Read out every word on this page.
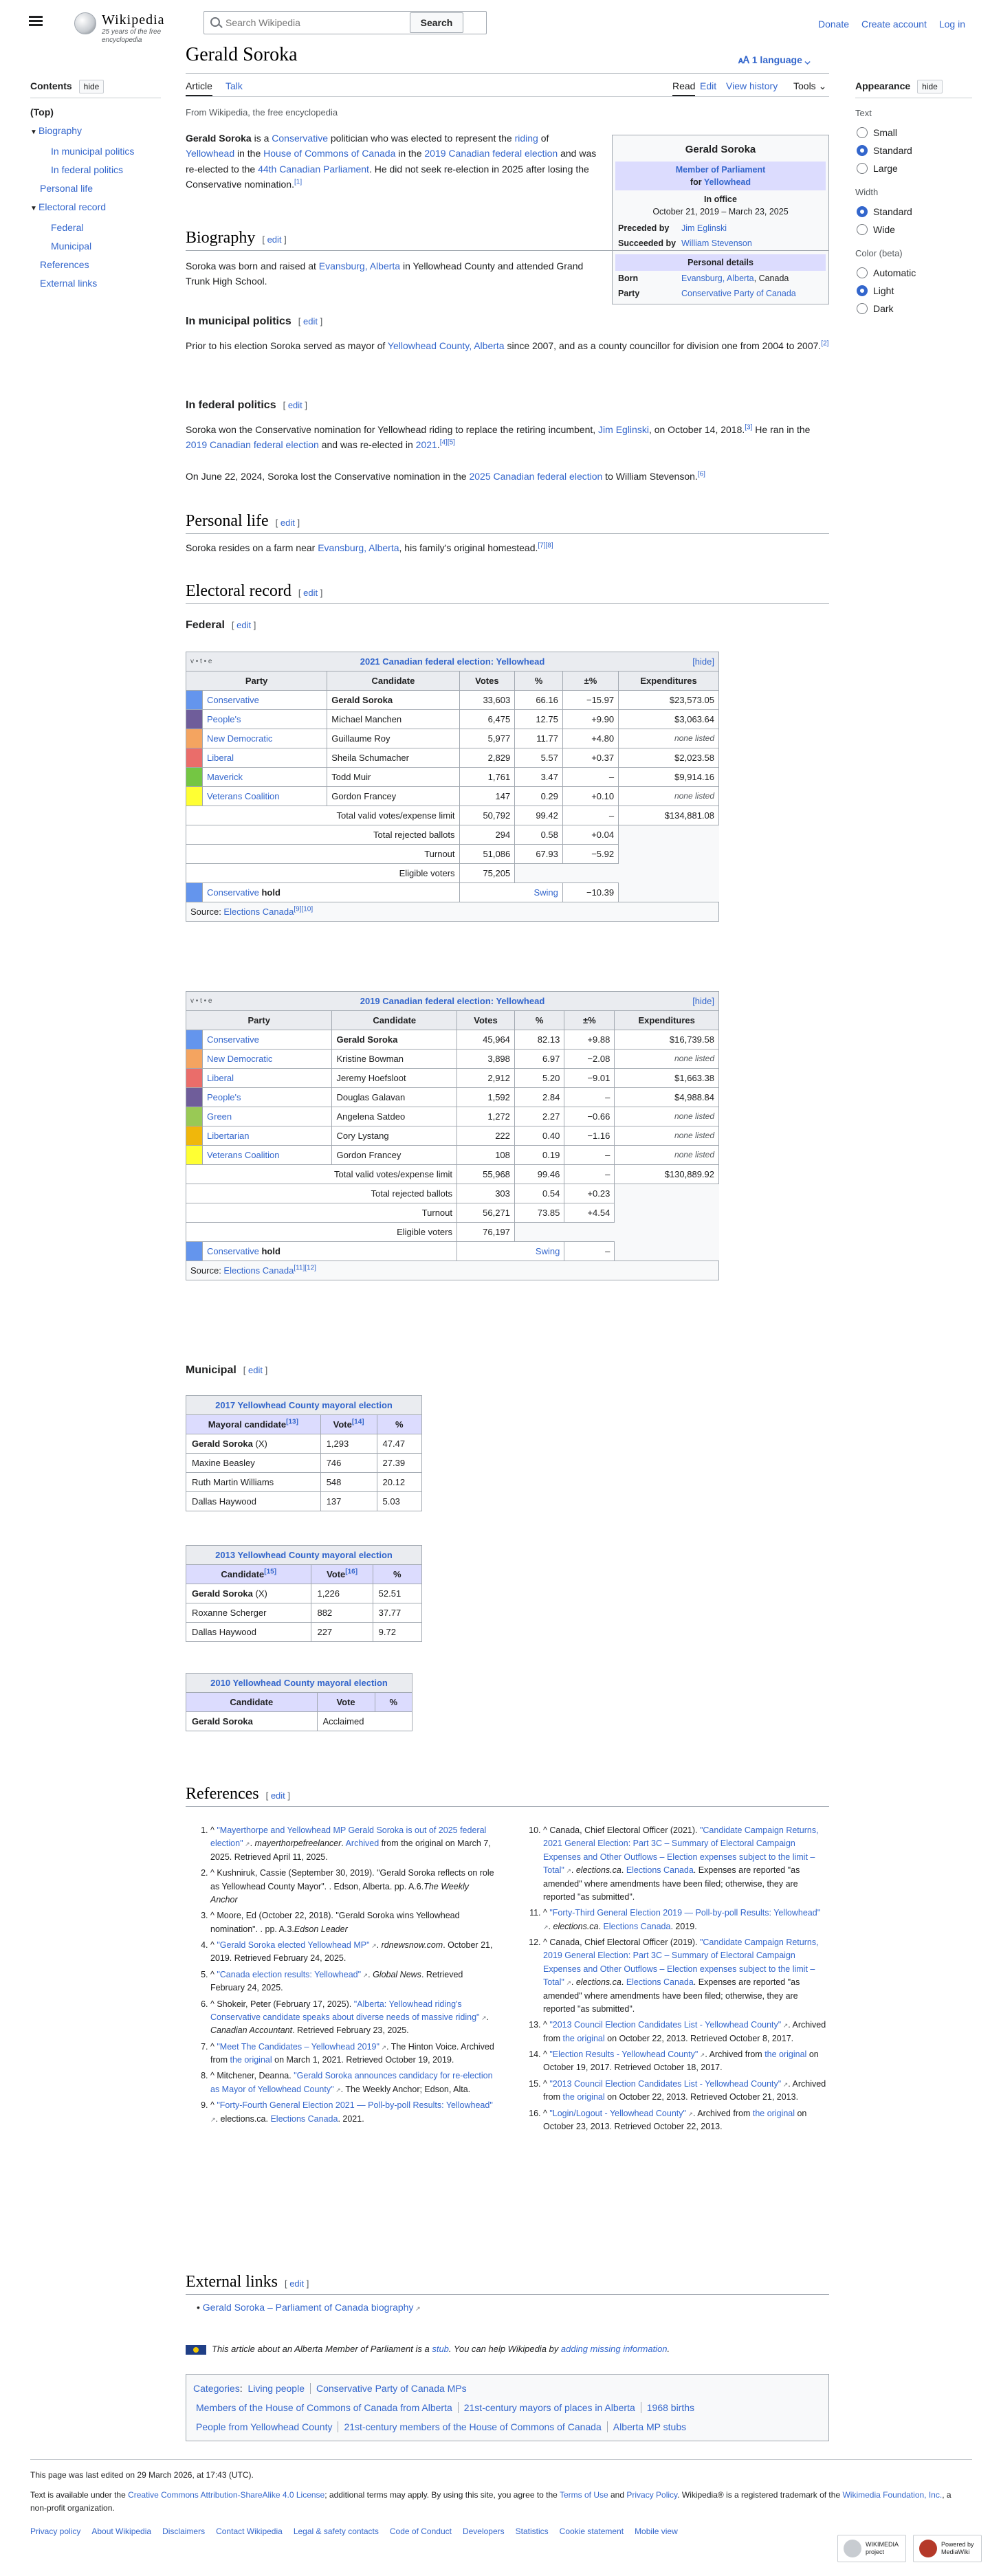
Wikipedia
25 years of the free encyclopedia
Search Wikipedia
Search	Donate Create account Log in
Contents hide
(Top)
▼ Biography
In municipal politics
In federal politics
Personal life
▼ Electoral record
Federal
Municipal
References
External links
Gerald Soroka	🗚 1 language ⌄
Article Talk	Read Edit View history Tools ⌄
From Wikipedia, the free encyclopedia
Appearance hide
Text
Small
Standard
Large
Width
Standard
Wide
Color (beta)
Automatic
Light
Dark
Gerald Soroka is a Conservative politician who was elected to represent the riding of Yellowhead in the House of Commons of Canada in the 2019 Canadian federal election and was re-elected to the 44th Canadian Parliament. He did not seek re-election in 2025 after losing the Conservative nomination.[1]
Gerald Soroka
Member of Parliament
for Yellowhead
In office
October 21, 2019 – March 23, 2025
Preceded by	Jim Eglinski
Succeeded by William Stevenson
Personal details
Born	Evansburg, Alberta, Canada
Party	Conservative Party of Canada
Biography [ edit ]
Soroka was born and raised at Evansburg, Alberta in Yellowhead County and attended Grand Trunk High School.
In municipal politics [ edit ]
Prior to his election Soroka served as mayor of Yellowhead County, Alberta since 2007, and as a county councillor for division one from 2004 to 2007.[2]
In federal politics [ edit ]
Soroka won the Conservative nomination for Yellowhead riding to replace the retiring incumbent, Jim Eglinski, on October 14, 2018.[3] He ran in the 2019 Canadian federal election and was re-elected in 2021.[4][5]
On June 22, 2024, Soroka lost the Conservative nomination in the 2025 Canadian federal election to William Stevenson.[6]
Personal life [ edit ]
Soroka resides on a farm near Evansburg, Alberta, his family's original homestead.[7][8]
Electoral record [ edit ]
Federal [ edit ]
v • t • e 2021 Canadian federal election: Yellowhead [hide]						

Party		Candidate	Votes	%	±%	Expenditures
	Conservative	Gerald Soroka	33,603	66.16	−15.97	$23,573.05
	People's	Michael Manchen	6,475	12.75	+9.90	$3,063.64
	New Democratic	Guillaume Roy	5,977	11.77	+4.80	none listed
	Liberal	Sheila Schumacher	2,829	5.57	+0.37	$2,023.58
	Maverick	Todd Muir	1,761	3.47	–	$9,914.16
	Veterans Coalition	Gordon Francey	147	0.29	+0.10	none listed
Total valid votes/expense limit			50,792	99.42	–	$134,881.08
Total rejected ballots			294	0.58	+0.04	
Turnout			51,086	67.93	−5.92	
Eligible voters			75,205			
	Conservative hold		Swing		−10.39	
Source: Elections Canada[9][10]
v • t • e 2019 Canadian federal election: Yellowhead [hide]						

Party		Candidate	Votes	%	±%	Expenditures
	Conservative	Gerald Soroka	45,964	82.13	+9.88	$16,739.58
	New Democratic	Kristine Bowman	3,898	6.97	−2.08	none listed
	Liberal	Jeremy Hoefsloot	2,912	5.20	−9.01	$1,663.38
	People's	Douglas Galavan	1,592	2.84	–	$4,988.84
	Green	Angelena Satdeo	1,272	2.27	−0.66	none listed
	Libertarian	Cory Lystang	222	0.40	−1.16	none listed
	Veterans Coalition	Gordon Francey	108	0.19	–	none listed
Total valid votes/expense limit			55,968	99.46	–	$130,889.92
Total rejected ballots			303	0.54	+0.23	
Turnout			56,271	73.85	+4.54	
Eligible voters			76,197			
	Conservative hold		Swing		–	
Source: Elections Canada[11][12]
Municipal [ edit ]
2017 Yellowhead County mayoral election		
Mayoral candidate[13]	Vote[14]	%
Gerald Soroka (X)	1,293	47.47
Maxine Beasley	746	27.39
Ruth Martin Williams	548	20.12
Dallas Haywood	137	5.03
2013 Yellowhead County mayoral election		
Candidate[15]	Vote[16]	%
Gerald Soroka (X)	1,226	52.51
Roxanne Scherger	882	37.77
Dallas Haywood	227	9.72
2010 Yellowhead County mayoral election		
Candidate	Vote	%
Gerald Soroka	Acclaimed	
References [ edit ]
1. ^ "Mayerthorpe and Yellowhead MP Gerald Soroka is out of 2025 federal election" ↗ . mayerthorpefreelancer. Archived from the original on March 7, 2025. Retrieved April 11, 2025.
2. ^ Kushniruk, Cassie (September 30, 2019). "Gerald Soroka reflects on role as Yellowhead County Mayor". . Edson, Alberta. pp. A.6.The Weekly Anchor
3. ^ Moore, Ed (October 22, 2018). "Gerald Soroka wins Yellowhead nomination". . pp. A.3.Edson Leader
4. ^ "Gerald Soroka elected Yellowhead MP" ↗ . rdnewsnow.com. October 21, 2019. Retrieved February 24, 2025.
5. ^ "Canada election results: Yellowhead" ↗ . Global News. Retrieved February 24, 2025.
6. ^ Shokeir, Peter (February 17, 2025). "Alberta: Yellowhead riding's Conservative candidate speaks about diverse needs of massive riding" ↗ . Canadian Accountant. Retrieved February 23, 2025.
7. ^ "Meet The Candidates – Yellowhead 2019" ↗ . The Hinton Voice. Archived from the original on March 1, 2021. Retrieved October 19, 2019.
8. ^ Mitchener, Deanna. "Gerald Soroka announces candidacy for re-election as Mayor of Yellowhead County" ↗ . The Weekly Anchor; Edson, Alta.
9. ^ "Forty-Fourth General Election 2021 — Poll-by-poll Results: Yellowhead" ↗. elections.ca. Elections Canada. 2021.
10. ^ Canada, Chief Electoral Officer (2021). "Candidate Campaign Returns, 2021 General Election: Part 3C – Summary of Electoral Campaign Expenses and Other Outflows – Election expenses subject to the limit – Total" ↗ . elections.ca. Elections Canada. Expenses are reported "as amended" where amendments have been filed; otherwise, they are reported "as submitted".
11. ^ "Forty-Third General Election 2019 — Poll-by-poll Results: Yellowhead" ↗. elections.ca. Elections Canada. 2019.
12. ^ Canada, Chief Electoral Officer (2019). "Candidate Campaign Returns, 2019 General Election: Part 3C – Summary of Electoral Campaign Expenses and Other Outflows – Election expenses subject to the limit – Total" ↗ . elections.ca. Elections Canada. Expenses are reported "as amended" where amendments have been filed; otherwise, they are reported "as submitted".
13. ^ "2013 Council Election Candidates List - Yellowhead County" ↗ . Archived from the original on October 22, 2013. Retrieved October 8, 2017.
14. ^ "Election Results - Yellowhead County" ↗ . Archived from the original on October 19, 2017. Retrieved October 18, 2017.
15. ^ "2013 Council Election Candidates List - Yellowhead County" ↗ . Archived from the original on October 22, 2013. Retrieved October 21, 2013.
16. ^ "Login/Logout - Yellowhead County" ↗ . Archived from the original on October 23, 2013. Retrieved October 22, 2013.
External links [ edit ]
• Gerald Soroka – Parliament of Canada biography ↗
This article about an Alberta Member of Parliament is a stub. You can help Wikipedia by adding missing information.
Categories: Living people Conservative Party of Canada MPs
Members of the House of Commons of Canada from Alberta 21st-century mayors of places in Alberta 1968 births
People from Yellowhead County 21st-century members of the House of Commons of Canada Alberta MP stubs
This page was last edited on 29 March 2026, at 17:43 (UTC).
Text is available under the Creative Commons Attribution-ShareAlike 4.0 License; additional terms may apply. By using this site, you agree to the Terms of Use and Privacy Policy. Wikipedia® is a registered trademark of the Wikimedia Foundation, Inc., a non-profit organization.
Privacy policy About Wikipedia Disclaimers Contact Wikipedia Legal & safety contacts Code of Conduct Developers Statistics Cookie statement Mobile view
WIKIMEDIA project
Powered by MediaWiki
